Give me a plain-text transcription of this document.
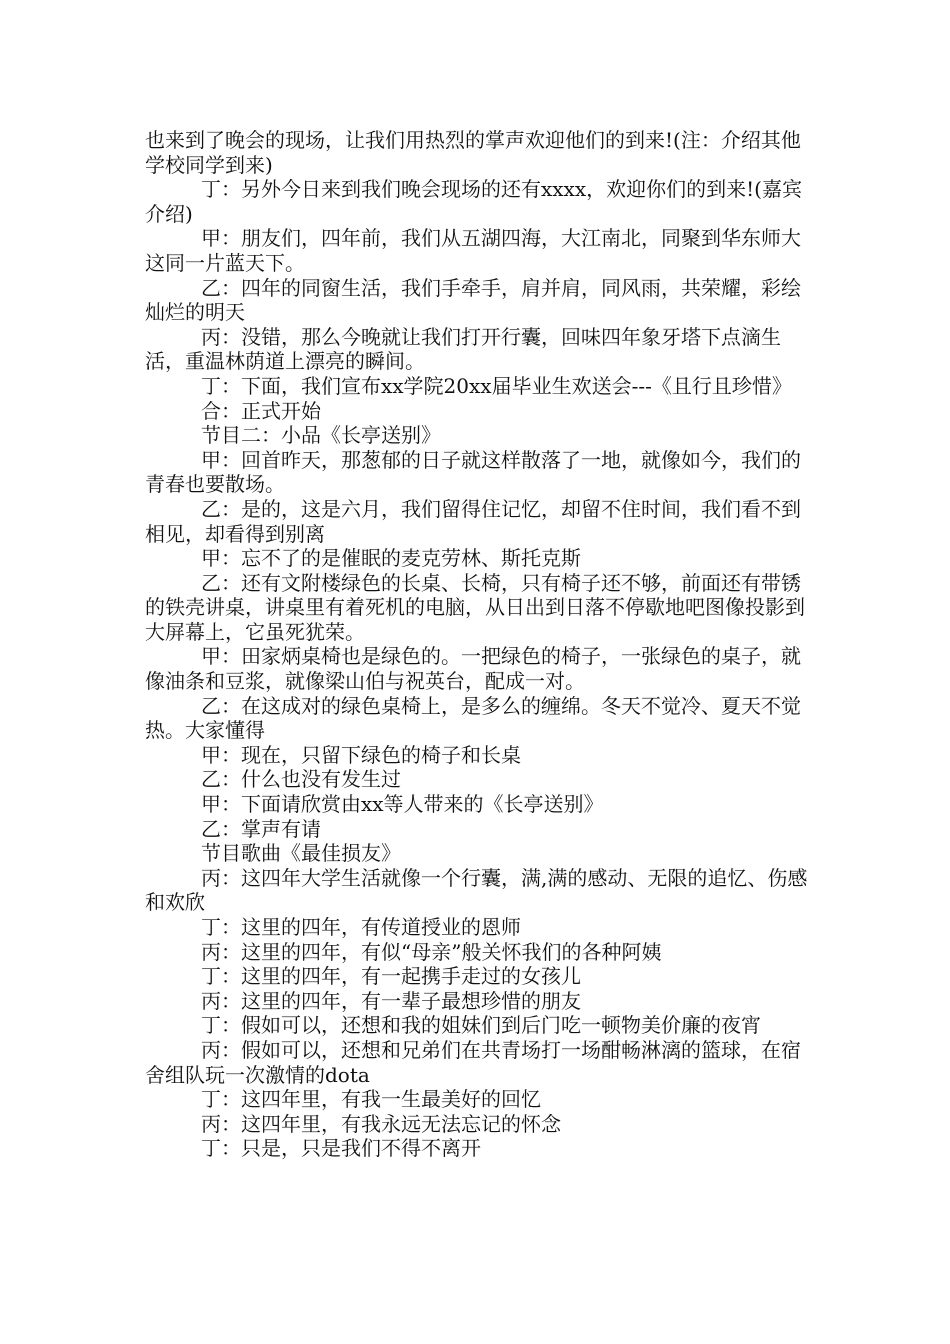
也来到了晚会的现场，让我们用热烈的掌声欢迎他们的到来!(注：介绍其他学校同学到来)

丁：另外今日来到我们晚会现场的还有xxxx，欢迎你们的到来!(嘉宾介绍)

甲：朋友们，四年前，我们从五湖四海，大江南北，同聚到华东师大这同一片蓝天下。

乙：四年的同窗生活，我们手牵手，肩并肩，同风雨，共荣耀，彩绘灿烂的明天

丙：没错，那么今晚就让我们打开行囊，回味四年象牙塔下点滴生活，重温林荫道上漂亮的瞬间。

丁：下面，我们宣布xx学院20xx届毕业生欢送会---《且行且珍惜》

合：正式开始

节目二：小品《长亭送别》

甲：回首昨天，那葱郁的日子就这样散落了一地，就像如今，我们的青春也要散场。

乙：是的，这是六月，我们留得住记忆，却留不住时间，我们看不到相见，却看得到别离

甲：忘不了的是催眠的麦克劳林、斯托克斯

乙：还有文附楼绿色的长桌、长椅，只有椅子还不够，前面还有带锈的铁壳讲桌，讲桌里有着死机的电脑，从日出到日落不停歇地吧图像投影到大屏幕上，它虽死犹荣。

甲：田家炳桌椅也是绿色的。一把绿色的椅子，一张绿色的桌子，就像油条和豆浆，就像梁山伯与祝英台，配成一对。

乙：在这成对的绿色桌椅上，是多么的缠绵。冬天不觉冷、夏天不觉热。大家懂得

甲：现在，只留下绿色的椅子和长桌

乙：什么也没有发生过

甲：下面请欣赏由xx等人带来的《长亭送别》

乙：掌声有请

节目歌曲《最佳损友》

丙：这四年大学生活就像一个行囊，满,满的感动、无限的追忆、伤感和欢欣

丁：这里的四年，有传道授业的恩师

丙：这里的四年，有似“母亲”般关怀我们的各种阿姨

丁：这里的四年，有一起携手走过的女孩儿

丙：这里的四年，有一辈子最想珍惜的朋友

丁：假如可以，还想和我的姐妹们到后门吃一顿物美价廉的夜宵

丙：假如可以，还想和兄弟们在共青场打一场酣畅淋漓的篮球，在宿舍组队玩一次激情的dota

丁：这四年里，有我一生最美好的回忆

丙：这四年里，有我永远无法忘记的怀念

丁：只是，只是我们不得不离开
